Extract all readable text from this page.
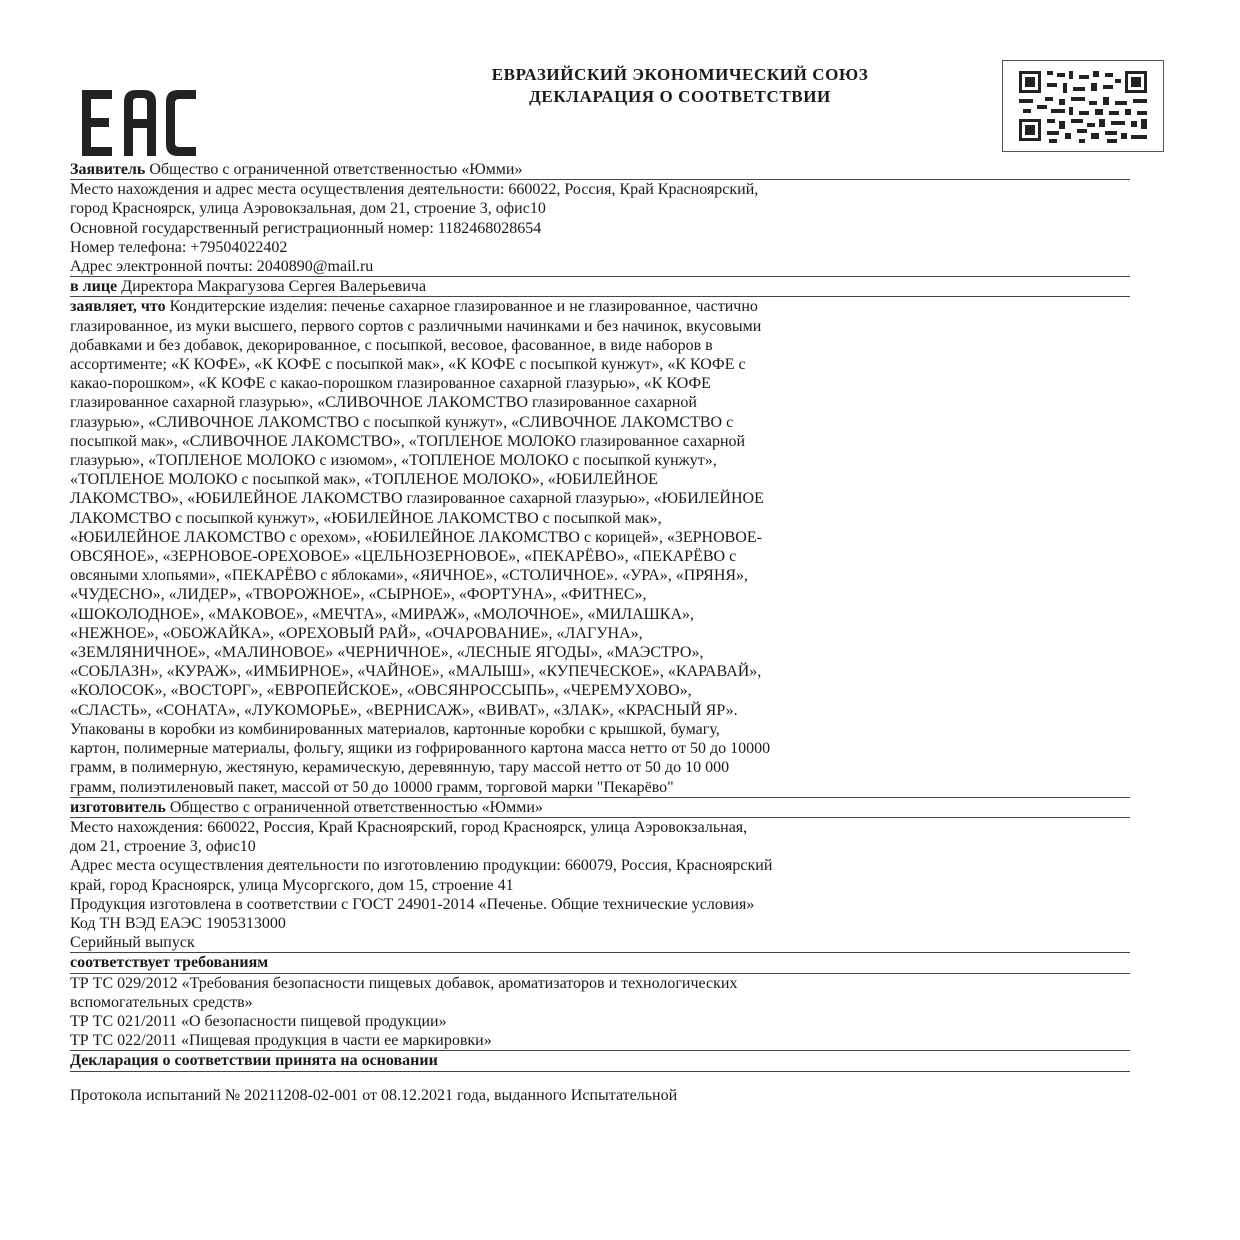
ЕВРАЗИЙСКИЙ ЭКОНОМИЧЕСКИЙ СОЮЗ
ДЕКЛАРАЦИЯ О СООТВЕТСТВИИ
Заявитель Общество с ограниченной ответственностью «Юмми»
Место нахождения и адрес места осуществления деятельности: 660022, Россия, Край Красноярский,
город Красноярск, улица Аэровокзальная, дом 21, строение 3, офис10
Основной государственный регистрационный номер: 1182468028654
Номер телефона: +79504022402
Адрес электронной почты: 2040890@mail.ru
в лице Директора Макрагузова Сергея Валерьевича
заявляет, что Кондитерские изделия: печенье сахарное глазированное и не глазированное, частично
глазированное, из муки высшего, первого сортов с различными начинками и без начинок, вкусовыми
добавками и без добавок, декорированное, с посыпкой, весовое, фасованное, в виде наборов в
ассортименте; «К КОФЕ», «К КОФЕ с посыпкой мак», «К КОФЕ с посыпкой кунжут», «К КОФЕ с
какао-порошком», «К КОФЕ с какао-порошком глазированное сахарной глазурью», «К КОФЕ
глазированное сахарной глазурью», «СЛИВОЧНОЕ ЛАКОМСТВО глазированное сахарной
глазурью», «СЛИВОЧНОЕ ЛАКОМСТВО с посыпкой кунжут», «СЛИВОЧНОЕ ЛАКОМСТВО с
посыпкой мак», «СЛИВОЧНОЕ ЛАКОМСТВО», «ТОПЛЕНОЕ МОЛОКО глазированное сахарной
глазурью», «ТОПЛЕНОЕ МОЛОКО с изюмом», «ТОПЛЕНОЕ МОЛОКО с посыпкой кунжут»,
«ТОПЛЕНОЕ МОЛОКО с посыпкой мак», «ТОПЛЕНОЕ МОЛОКО», «ЮБИЛЕЙНОЕ
ЛАКОМСТВО», «ЮБИЛЕЙНОЕ ЛАКОМСТВО глазированное сахарной глазурью», «ЮБИЛЕЙНОЕ
ЛАКОМСТВО с посыпкой кунжут», «ЮБИЛЕЙНОЕ ЛАКОМСТВО с посыпкой мак»,
«ЮБИЛЕЙНОЕ ЛАКОМСТВО с орехом», «ЮБИЛЕЙНОЕ ЛАКОМСТВО с корицей», «ЗЕРНОВОЕ-
ОВСЯНОЕ», «ЗЕРНОВОЕ-ОРЕХОВОЕ» «ЦЕЛЬНОЗЕРНОВОЕ», «ПЕКАРЁВО», «ПЕКАРЁВО с
овсяными хлопьями», «ПЕКАРЁВО с яблоками», «ЯИЧНОЕ», «СТОЛИЧНОЕ». «УРА», «ПРЯНЯ»,
«ЧУДЕСНО», «ЛИДЕР», «ТВОРОЖНОЕ», «СЫРНОЕ», «ФОРТУНА», «ФИТНЕС»,
«ШОКОЛОДНОЕ», «МАКОВОЕ», «МЕЧТА», «МИРАЖ», «МОЛОЧНОЕ», «МИЛАШКА»,
«НЕЖНОЕ», «ОБОЖАЙКА», «ОРЕХОВЫЙ РАЙ», «ОЧАРОВАНИЕ», «ЛАГУНА»,
«ЗЕМЛЯНИЧНОЕ», «МАЛИНОВОЕ» «ЧЕРНИЧНОЕ», «ЛЕСНЫЕ ЯГОДЫ», «МАЭСТРО»,
«СОБЛАЗН», «КУРАЖ», «ИМБИРНОЕ», «ЧАЙНОЕ», «МАЛЫШ», «КУПЕЧЕСКОЕ», «КАРАВАЙ»,
«КОЛОСОК», «ВОСТОРГ», «ЕВРОПЕЙСКОЕ», «ОВСЯНРОССЫПЬ», «ЧЕРЕМУХОВО»,
«СЛАСТЬ», «СОНАТА», «ЛУКОМОРЬЕ», «ВЕРНИСАЖ», «ВИВАТ», «ЗЛАК», «КРАСНЫЙ ЯР».
Упакованы в коробки из комбинированных материалов, картонные коробки с крышкой, бумагу,
картон, полимерные материалы, фольгу, ящики из гофрированного картона масса нетто от 50 до 10000
грамм, в полимерную, жестяную, керамическую, деревянную, тару массой нетто от 50 до 10 000
грамм, полиэтиленовый пакет, массой от 50 до 10000 грамм, торговой марки "Пекарёво"
изготовитель Общество с ограниченной ответственностью «Юмми»
Место нахождения: 660022, Россия, Край Красноярский, город Красноярск, улица Аэровокзальная,
дом 21, строение 3, офис10
Адрес места осуществления деятельности по изготовлению продукции: 660079, Россия, Красноярский
край, город Красноярск, улица Мусоргского, дом 15, строение 41
Продукция изготовлена в соответствии с ГОСТ 24901-2014 «Печенье. Общие технические условия»
Код ТН ВЭД ЕАЭС 1905313000
Серийный выпуск
соответствует требованиям
ТР ТС 029/2012 «Требования безопасности пищевых добавок, ароматизаторов и технологических
вспомогательных средств»
ТР ТС 021/2011 «О безопасности пищевой продукции»
ТР ТС 022/2011 «Пищевая продукция в части ее маркировки»
Декларация о соответствии принята на основании
Протокола испытаний № 20211208-02-001 от 08.12.2021 года, выданного Испытательной
